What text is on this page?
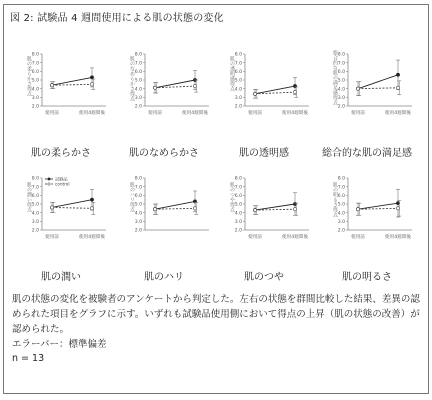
図 2: 試験品 4 週間使用による肌の状態の変化
8.0
7.0
6.0
5.0
4.0
3.0
2.0
使用前	使用4週間後
肌の柔らかさ得点
肌の柔らかさ
8.0
7.0
6.0
5.0
4.0
3.0
2.0
使用前	使用4週間後
肌のなめらかさ得点
肌のなめらかさ
8.0
7.0
6.0
5.0
4.0
3.0
2.0
使用前	使用4週間後
肌の透明感得点
肌の透明感
8.0
7.0
6.0
5.0
4.0
3.0
2.0
使用前	使用4週間後
総合的な肌の満足感得点
総合的な肌の満足感
8.0
7.0
6.0
5.0
4.0
3.0
2.0
使用前	使用4週間後
試験品
control
肌の潤い得点
肌の潤い
8.0
7.0
6.0
5.0
4.0
3.0
2.0
肌のハリ得点
肌のハリ
8.0
7.0
6.0
5.0
4.0
3.0
2.0
使用前	使用4週間後
肌のつや得点
肌のつや
8.0
7.0
6.0
5.0
4.0
3.0
2.0
使用前	使用4週間後
肌の明るさ得点
肌の明るさ
肌の状態の変化を被験者のアンケートから判定した。左右の状態を群間比較した結果、差異の認められた項目をグラフに示す。いずれも試験品使用側において得点の上昇（肌の状態の改善）が認められた。
エラーバー：標準偏差
n = 13
